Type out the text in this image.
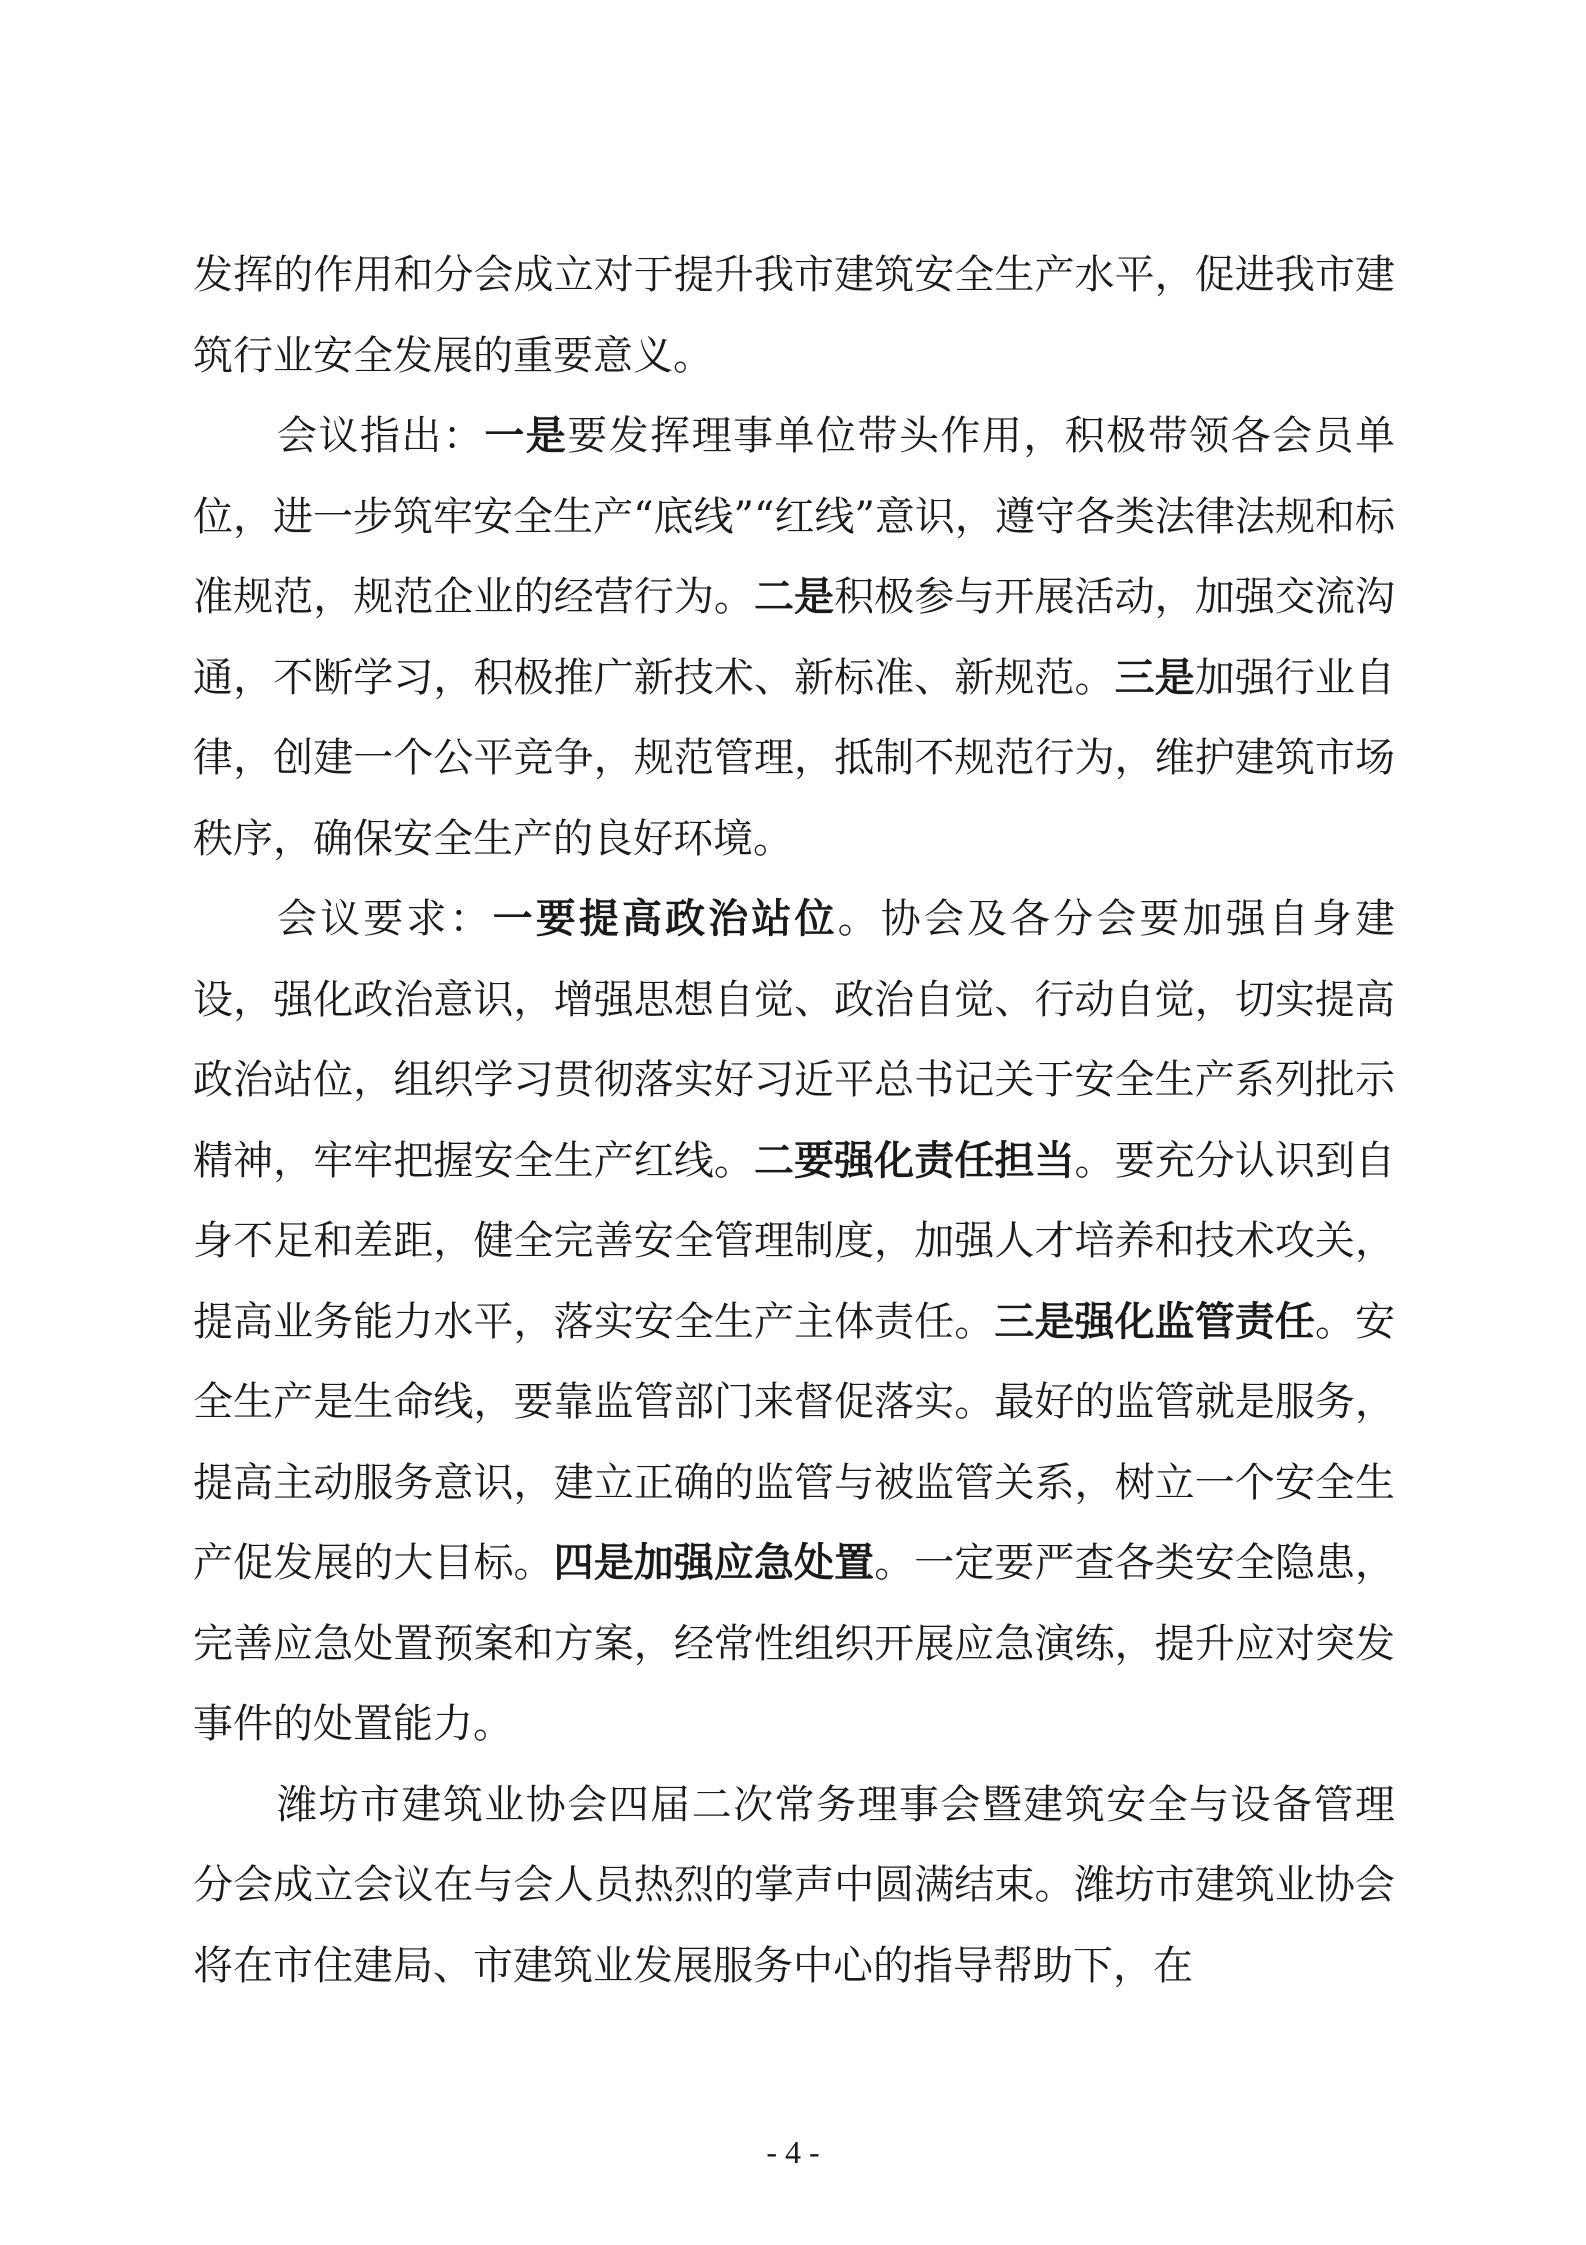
发挥的作用和分会成立对于提升我市建筑安全生产水平，促进我市建筑行业安全发展的重要意义。

会议指出：一是要发挥理事单位带头作用，积极带领各会员单位，进一步筑牢安全生产“底线”“红线”意识，遵守各类法律法规和标准规范，规范企业的经营行为。二是积极参与开展活动，加强交流沟通，不断学习，积极推广新技术、新标准、新规范。三是加强行业自律，创建一个公平竞争，规范管理，抵制不规范行为，维护建筑市场秩序，确保安全生产的良好环境。

会议要求：一要提高政治站位。协会及各分会要加强自身建设，强化政治意识，增强思想自觉、政治自觉、行动自觉，切实提高政治站位，组织学习贯彻落实好习近平总书记关于安全生产系列批示精神，牢牢把握安全生产红线。二要强化责任担当。要充分认识到自身不足和差距，健全完善安全管理制度，加强人才培养和技术攻关，提高业务能力水平，落实安全生产主体责任。三是强化监管责任。安全生产是生命线，要靠监管部门来督促落实。最好的监管就是服务，提高主动服务意识，建立正确的监管与被监管关系，树立一个安全生产促发展的大目标。四是加强应急处置。一定要严查各类安全隐患，完善应急处置预案和方案，经常性组织开展应急演练，提升应对突发事件的处置能力。

潍坊市建筑业协会四届二次常务理事会暨建筑安全与设备管理分会成立会议在与会人员热烈的掌声中圆满结束。潍坊市建筑业协会将在市住建局、市建筑业发展服务中心的指导帮助下，在

- 4 -
